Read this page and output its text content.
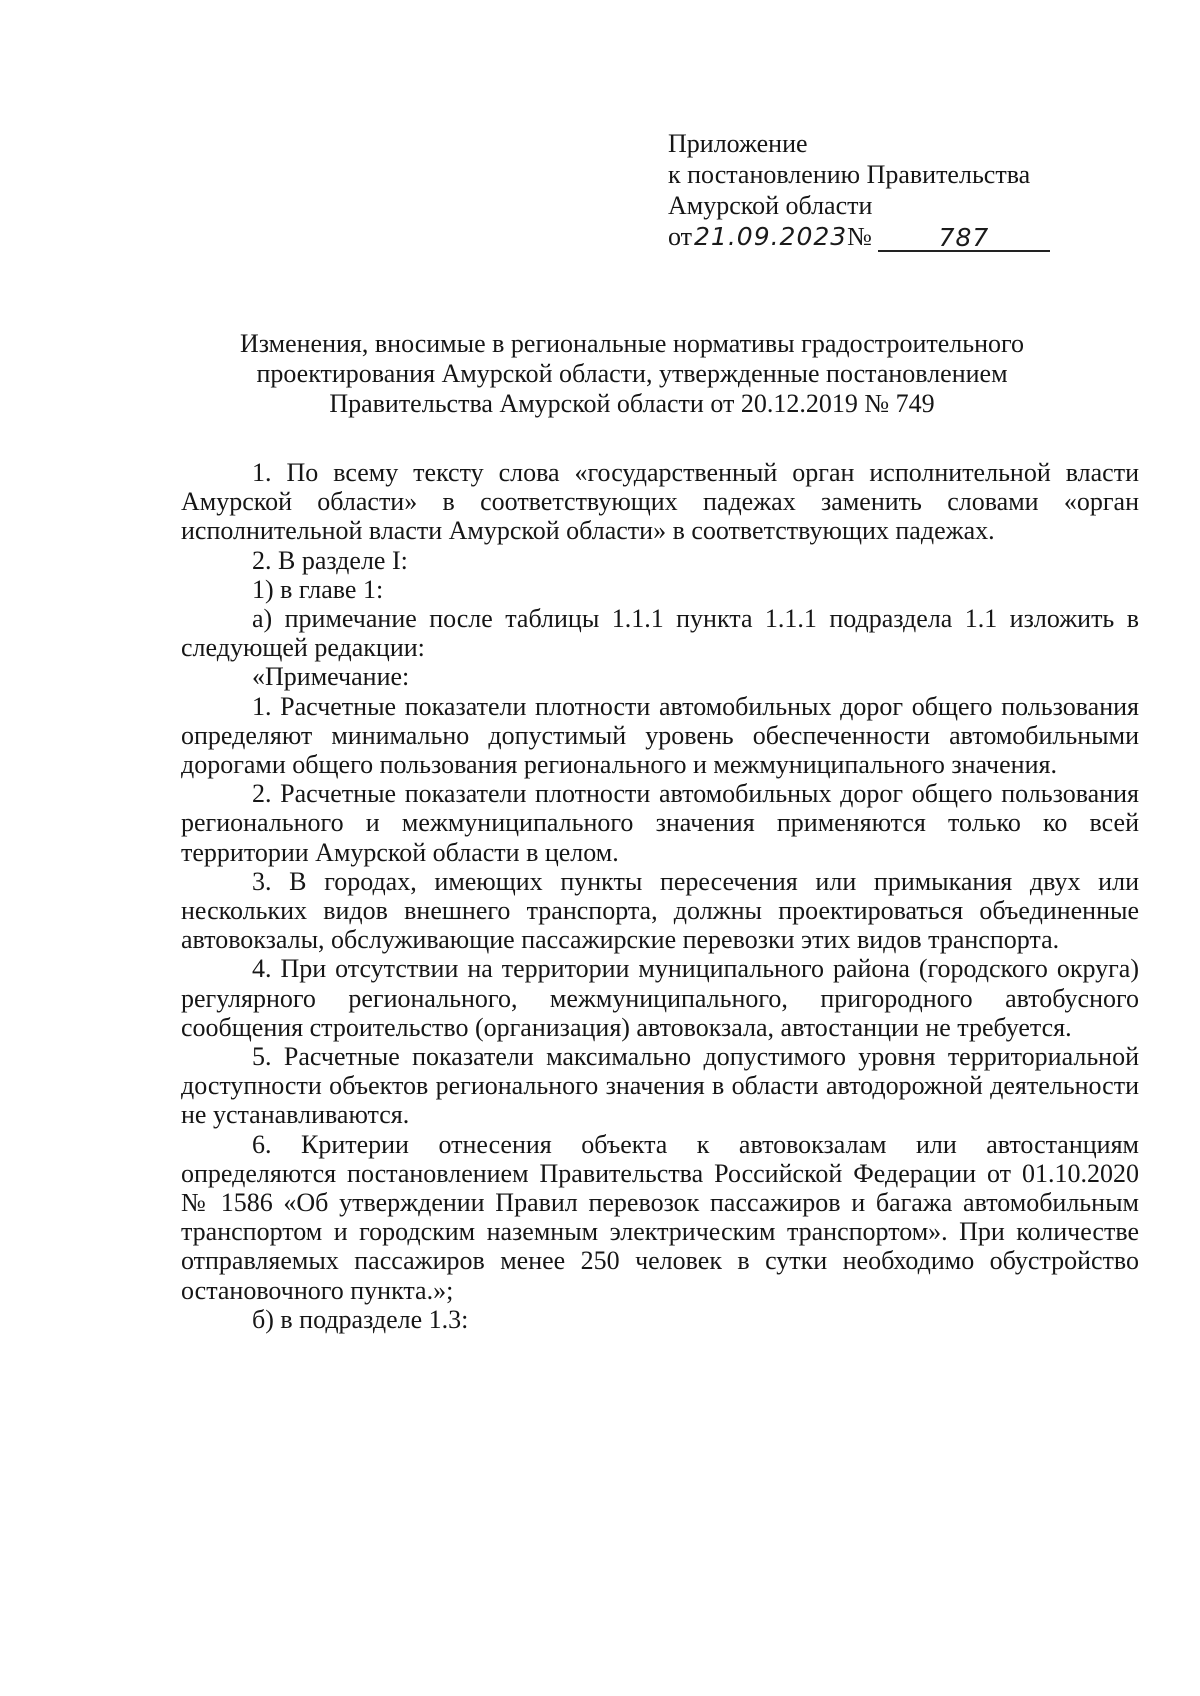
Приложение
к постановлению Правительства
Амурской области
от 21.09.2023 №	787
Изменения, вносимые в региональные нормативы градостроительного
проектирования Амурской области, утвержденные постановлением
Правительства Амурской области от 20.12.2019 № 749

1. По всему тексту слова «государственный орган исполнительной власти Амурской области» в соответствующих падежах заменить словами «орган исполнительной власти Амурской области» в соответствующих падежах.

2. В разделе I:

1) в главе 1:

а) примечание после таблицы 1.1.1 пункта 1.1.1 подраздела 1.1 изложить в следующей редакции:

«Примечание:

1. Расчетные показатели плотности автомобильных дорог общего пользования определяют минимально допустимый уровень обеспеченности автомобильными дорогами общего пользования регионального и межмуниципального значения.

2. Расчетные показатели плотности автомобильных дорог общего пользования регионального и межмуниципального значения применяются только ко всей территории Амурской области в целом.

3. В городах, имеющих пункты пересечения или примыкания двух или нескольких видов внешнего транспорта, должны проектироваться объединенные автовокзалы, обслуживающие пассажирские перевозки этих видов транспорта.

4. При отсутствии на территории муниципального района (городского округа) регулярного регионального, межмуниципального, пригородного автобусного сообщения строительство (организация) автовокзала, автостанции не требуется.

5. Расчетные показатели максимально допустимого уровня территориальной доступности объектов регионального значения в области автодорожной деятельности не устанавливаются.

6. Критерии отнесения объекта к автовокзалам или автостанциям определяются постановлением Правительства Российской Федерации от 01.10.2020 № 1586 «Об утверждении Правил перевозок пассажиров и багажа автомобильным транспортом и городским наземным электрическим транспортом». При количестве отправляемых пассажиров менее 250 человек в сутки необходимо обустройство остановочного пункта.»;

б) в подразделе 1.3:
